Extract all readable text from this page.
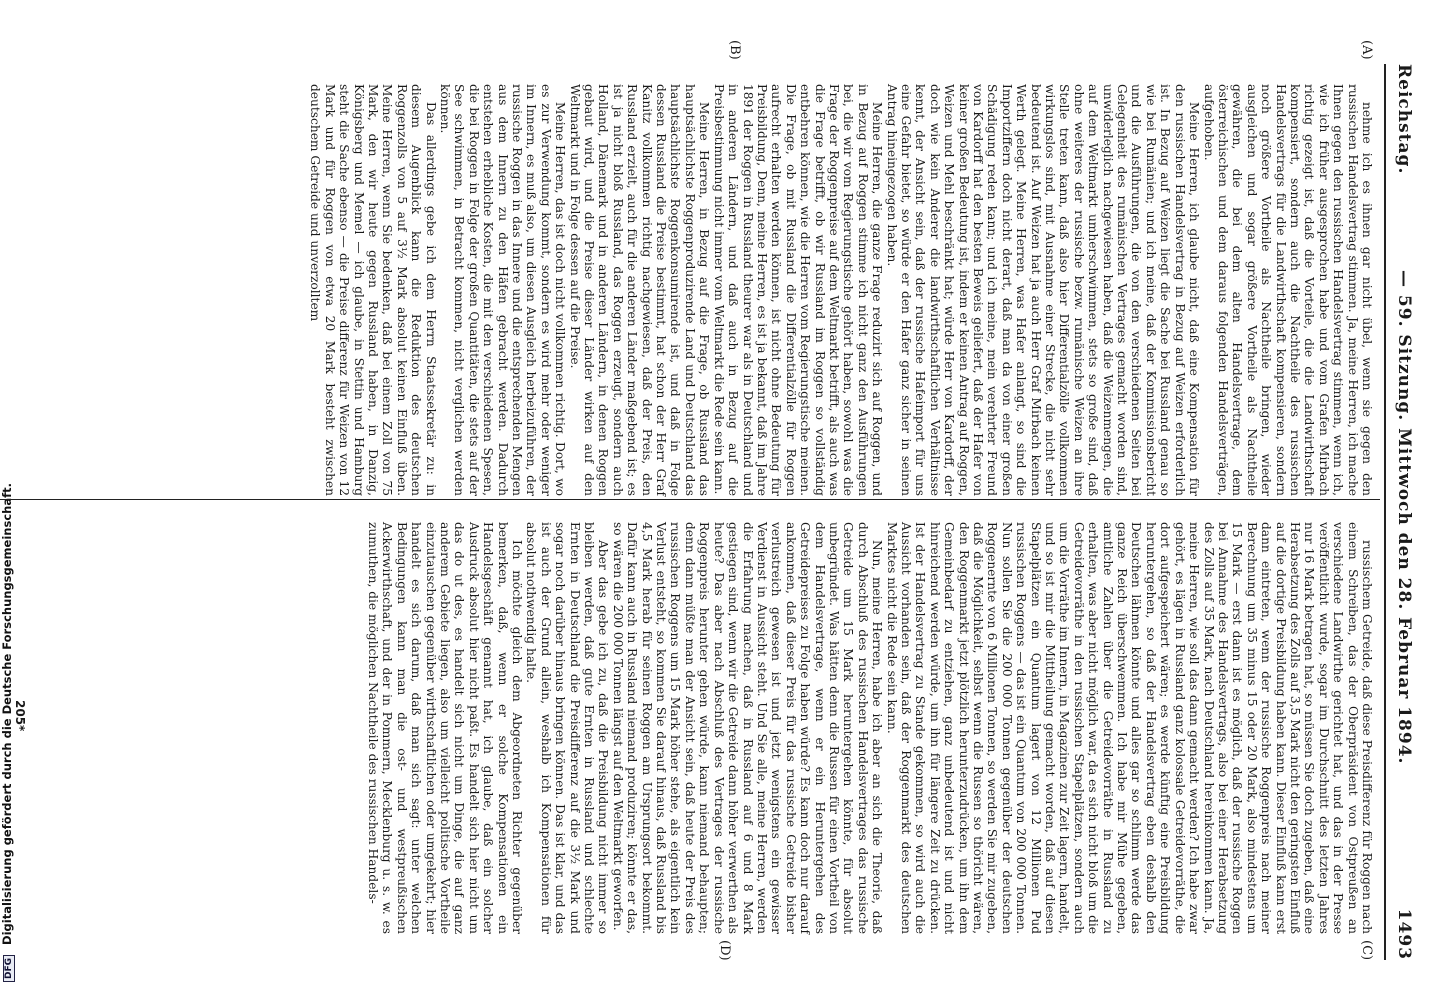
DFG Digitalisierung gefördert durch die Deutsche Forschungsgemeinschaft.
Reichstag.
— 59. Sitzung. Mittwoch den 28. Februar 1894.
1493
(A)
(B)
(C)
(D)

nehme ich es ihnen gar nicht übel, wenn sie gegen den russischen Handelsvertrag stimmen. Ja, meine Herren, ich mache Ihnen gegen den russischen Handelsvertrag stimmen, wenn ich, wie ich früher ausgesprochen habe und vom Grafen Mirbach richtig gezeigt ist, daß die Vorteile, die die Landwirthschaft kompensiert, sondern auch die Nachtheile des russischen Handelsvertrags für die Landwirthschaft kompensieren, sondern noch größere Vortheile als Nachtheile bringen, wieder ausgleichen und sogar größere Vortheile als Nachtheile gewähren, die bei dem alten Handelsvertrage, dem österreichischen und dem daraus folgenden Handelsverträgen, aufgehoben.

Meine Herren, ich glaube nicht, daß eine Kompensation für den russischen Handelsvertrag in Bezug auf Weizen erforderlich ist. In Bezug auf Weizen liegt die Sache bei Russland genau so wie bei Rumänien; und ich meine, daß der Kommissionsbericht und die Ausführungen, die von den verschiedenen Seiten bei Gelegenheit des rumänischen Vertrages gemacht worden sind, unwiderleglich nachgewiesen haben, daß die Weizenmengen, die auf dem Weltmarkt umherschwimmen, stets so große sind, daß ohne weiteres der russische bezw. rumänische Weizen an ihre Stelle treten kann, daß also hier Differentialzölle vollkommen wirkungslos sind, mit Ausnahme einer Strecke, die nicht sehr bedeutend ist. Auf Weizen hat ja auch Herr Graf Mirbach keinen Werth gelegt. Meine Herren, was Hafer anlangt, so sind die Importziffern doch nicht derart, daß man da von einer großen Schädigung reden kann; und ich meine, mein verehrter Freund von Kardorff hat den besten Beweis geliefert, daß der Hafer von keiner großen Bedeutung ist, indem er keinen Antrag auf Roggen, Weizen und Mehl beschränkt hat; würde Herr von Kardorff, der doch wie kein Anderer die landwirthschaftlichen Verhältnisse kennt, der Ansicht sein, daß der russische Hafeimport für uns eine Gefahr bietet, so würde er den Hafer ganz sicher in seinen Antrag hineingezogen haben.

Meine Herren, die ganze Frage reduzirt sich auf Roggen, und in Bezug auf Roggen stimme ich nicht ganz den Ausführungen bei, die wir vom Regierungstische gehört haben, sowohl was die Frage der Roggenpreise auf dem Weltmarkt betrifft, als auch was die Frage betrifft, ob wir Russland im Roggen so vollständig entbehren können, wie die Herren vom Regierungstische meinen. Die Frage, ob mit Russland die Differentialzölle für Roggen aufrecht erhalten werden können, ist nicht ohne Bedeutung für Preisbildung, Denn, meine Herren, es ist ja bekannt, daß im Jahre 1891 der Roggen in Russland theurer war als in Deutschland und in anderen Ländern, und daß auch in Bezug auf die Preisbestimmung nicht immer vom Weltmarkt die Rede sein kann.

Meine Herren, in Bezug auf die Frage, ob Russland das hauptsächlichste Roggenproduzirende Land und Deutschland das hauptsächlichste Roggenkonsumirende ist, und daß in Folge dessen Russland die Preise bestimmt, hat schon der Herr Graf Kanitz vollkommen richtig nachgewiesen, daß der Preis, den Russland erzielt, auch für die anderen Länder maßgebend ist; es ist ja nicht bloß Russland, das Roggen erzeugt, sondern auch Holland, Dänemark und in anderen Ländern, in denen Roggen gebaut wird, und die Preise dieser Länder wirken auf den Weltmarkt und in Folge dessen auf die Preise.

Meine Herren, das ist doch nicht vollkommen richtig. Dort, wo es zur Verwendung kommt, sondern es wird mehr oder weniger im Innern, es muß also, um diesen Ausgleich herbeizuführen, der russische Roggen in das Innere und die entsprechenden Mengen aus dem Innern zu den Häfen gebracht werden. Dadurch entstehen erhebliche Kosten, die mit den verschiedenen Spesen, die bei Roggen in Folge der großen Quantitäten, die stets auf der See schwimmen, in Betracht kommen, nicht verglichen werden können.

Das allerdings gebe ich dem Herrn Staatssekretär zu: in diesem Augenblick kann die Reduktion des deutschen Roggenzolls von 5 auf 3½ Mark absolut keinen Einfluß üben. Meine Herren, wenn Sie bedenken, daß bei einem Zoll von 75 Mark, den wir heute gegen Russland haben, in Danzig, Königsberg und Memel — ich glaube, in Stettin und Hamburg steht die Sache ebenso — die Preise differenz für Weizen von 12 Mark und für Roggen von etwa 20 Mark besteht zwischen deutschem Getreide und unverzolltem

russischem Getreide, daß diese Preisdifferenz für Roggen nach einem Schreiben, das der Oberpräsident von Ostpreußen an verschiedene Landwirthe gerichtet hat, und das in der Presse veröffentlicht wurde, sogar im Durchschnitt des letzten Jahres nur 16 Mark betragen hat, so müssen Sie doch zugeben, daß eine Herabsetzung des Zolls auf 3,5 Mark nicht den geringsten Einfluß auf die dortige Preisbildung haben kann. Dieser Einfluß kann erst dann eintreten, wenn der russische Roggenpreis nach meiner Berechnung um 35 minus 15 oder 20 Mark, also mindestens um 15 Mark — erst dann ist es möglich, daß der russische Roggen bei Annahme des Handelsvertrags, also bei einer Herabsetzung des Zolls auf 35 Mark, nach Deutschland hereinkommen kann. Ja, meine Herren, wie soll das dann gemacht werden? Ich habe zwar gehört, es lägen in Russland ganz kolossale Getreidevorräthe, die dort aufgespeichert wären; es werde künftig eine Preisbildung heruntergehen, so daß der Handelsvertrag eben deshalb den Deutschen lähmen könnte und alles gar so schlimm werde das ganze Reich überschwemmen. Ich habe mir Mühe gegeben, amtliche Zahlen über die Getreidevorräthe in Russland zu erhalten, was aber nicht möglich war, da es sich nicht bloß um die Getreidevorräthe in den russischen Stapelplätzen, sondern auch um die Vorräthe im Innern, in Magazinen zur Zeit lagern, handelt, und so ist mir die Mittheilung gemacht worden, daß auf diesen Stapelplätzen ein Quantum lagert von 12 Millionen Pud russischen Roggens — das ist ein Quantum von 200 000 Tonnen. Nun sollen Sie die 200 000 Tonnen gegenüber der deutschen Roggenernte von 6 Millionen Tonnen, so werden Sie mir zugeben, daß die Möglichkeit, selbst wenn die Russen so thöricht wären, den Roggenmarkt jetzt plötzlich herunterzudrücken, um ihn dem Gemeinbedarf zu entziehen, ganz unbedeutend ist und nicht hinreichend werden würde, um ihn für längere Zeit zu drücken. Ist der Handelsvertrag zu Stande gekommen, so wird auch die Aussicht vorhanden sein, daß der Roggenmarkt des deutschen Marktes nicht die Rede sein kann.

Nun, meine Herren, habe ich aber an sich die Theorie, daß durch Abschluß des russischen Handelsvertrages das russische Getreide um 15 Mark heruntergehen könnte, für absolut unbegründet. Was hätten denn die Russen für einen Vortheil von dem Handelsvertrage, wenn er ein Heruntergehen des Getreidepreises zu Folge haben würde? Es kann doch nur darauf ankommen, daß dieser Preis für das russische Getreide bisher verlustreich gewesen ist und jetzt wenigstens ein gewisser Verdienst in Aussicht steht. Und Sie alle, meine Herren, werden die Erfahrung machen, daß in Russland auf 6 und 8 Mark gestiegen sind, wenn wir die Getreide dann höher verwerthen als heute? Das aber nach Abschluß des Vertrages der russische Roggenpreis herunter gehen würde, kann niemand behaupten; denn dann müßte man der Ansicht sein, daß heute der Preis des russischen Roggens um 15 Mark höher stehe, als eigentlich kein Verlust entsteht, so kommen Sie darauf hinaus, daß Russland bis 4,5 Mark herab für seinen Roggen am Ursprungsort bekommt. Dafür kann auch in Russland niemand produziren; könnte er das, so wären die 200 000 Tonnen längst auf den Weltmarkt geworfen.

Aber das gebe ich zu, daß die Preisbildung nicht immer so bleiben werden, daß gute Ernten in Russland und schlechte Ernten in Deutschland die Preisdifferenz auf die 3½ Mark und sogar noch darüber hinaus bringen können. Das ist klar, und das ist auch der Grund allein, weshalb ich Kompensationen für absolut nothwendig halte.

Ich möchte gleich dem Abgeordneten Richter gegenüber bemerken, daß, wenn er solche Kompensationen ein Handelsgeschäft genannt hat, ich glaube, daß ein solcher Ausdruck absolut hier nicht paßt. Es handelt sich hier nicht um das do ut des, es handelt sich nicht um Dinge, die auf ganz anderem Gebiete liegen, also um vielleicht politische Vortheile einzutauschen gegenüber wirthschaftlichen oder umgekehrt; hier handelt es sich darum, daß man sich sagt: unter welchen Bedingungen kann man die ost- und westpreußischen Ackerwirthschaft, und der in Pommern, Mecklenburg u. s. w. es zumuthen, die möglichen Nachtheile des russischen Handels-

205*
